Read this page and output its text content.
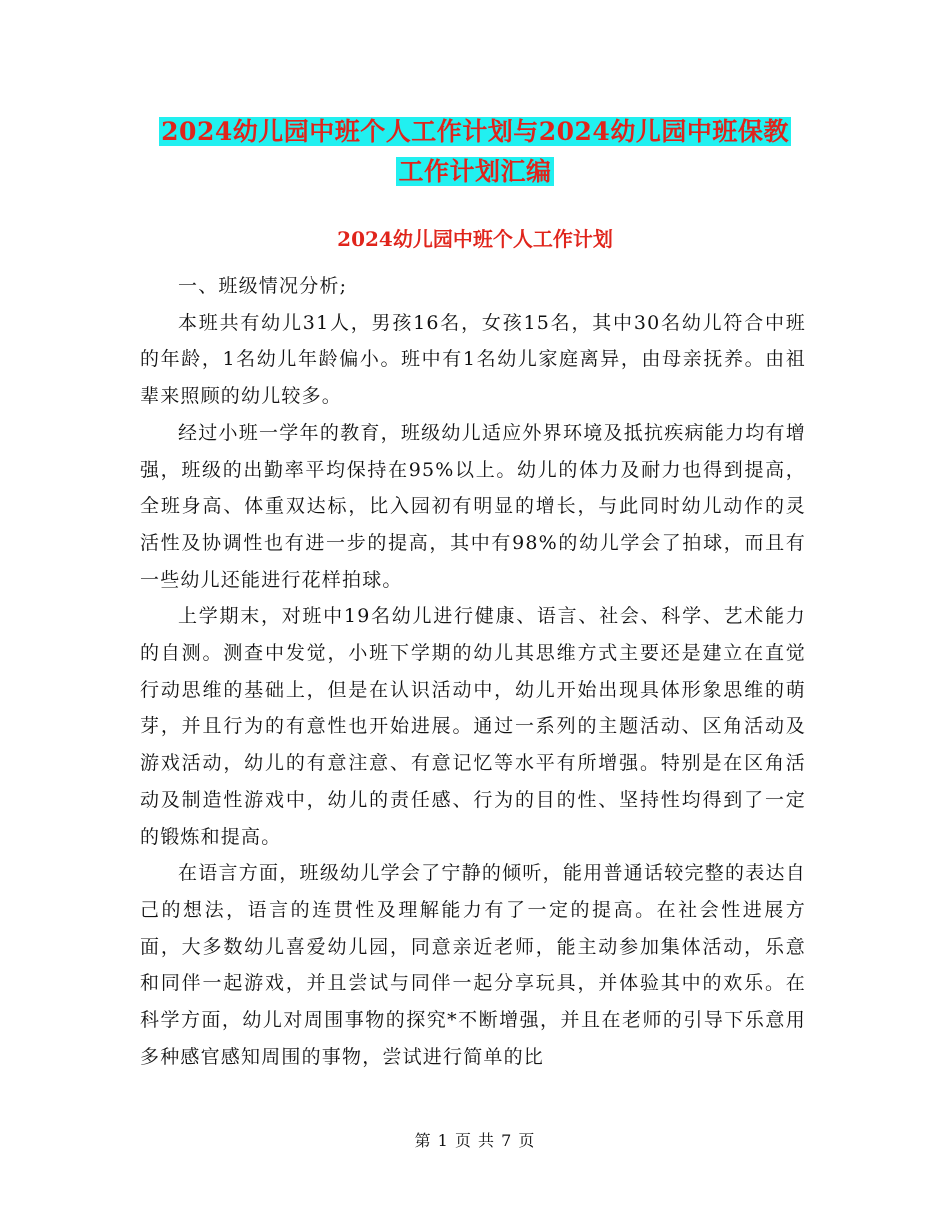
2024幼儿园中班个人工作计划与2024幼儿园中班保教
工作计划汇编
2024幼儿园中班个人工作计划

一、班级情况分析;

本班共有幼儿31人，男孩16名，女孩15名，其中30名幼儿符合中班的年龄，1名幼儿年龄偏小。班中有1名幼儿家庭离异，由母亲抚养。由祖辈来照顾的幼儿较多。

经过小班一学年的教育，班级幼儿适应外界环境及抵抗疾病能力均有增强，班级的出勤率平均保持在95%以上。幼儿的体力及耐力也得到提高，全班身高、体重双达标，比入园初有明显的增长，与此同时幼儿动作的灵活性及协调性也有进一步的提高，其中有98%的幼儿学会了拍球，而且有一些幼儿还能进行花样拍球。

上学期末，对班中19名幼儿进行健康、语言、社会、科学、艺术能力的自测。测查中发觉，小班下学期的幼儿其思维方式主要还是建立在直觉行动思维的基础上，但是在认识活动中，幼儿开始出现具体形象思维的萌芽，并且行为的有意性也开始进展。通过一系列的主题活动、区角活动及游戏活动，幼儿的有意注意、有意记忆等水平有所增强。特别是在区角活动及制造性游戏中，幼儿的责任感、行为的目的性、坚持性均得到了一定的锻炼和提高。

在语言方面，班级幼儿学会了宁静的倾听，能用普通话较完整的表达自己的想法，语言的连贯性及理解能力有了一定的提高。在社会性进展方面，大多数幼儿喜爱幼儿园，同意亲近老师，能主动参加集体活动，乐意和同伴一起游戏，并且尝试与同伴一起分享玩具，并体验其中的欢乐。在科学方面，幼儿对周围事物的探究*不断增强，并且在老师的引导下乐意用多种感官感知周围的事物，尝试进行简单的比

第 1 页 共 7 页
